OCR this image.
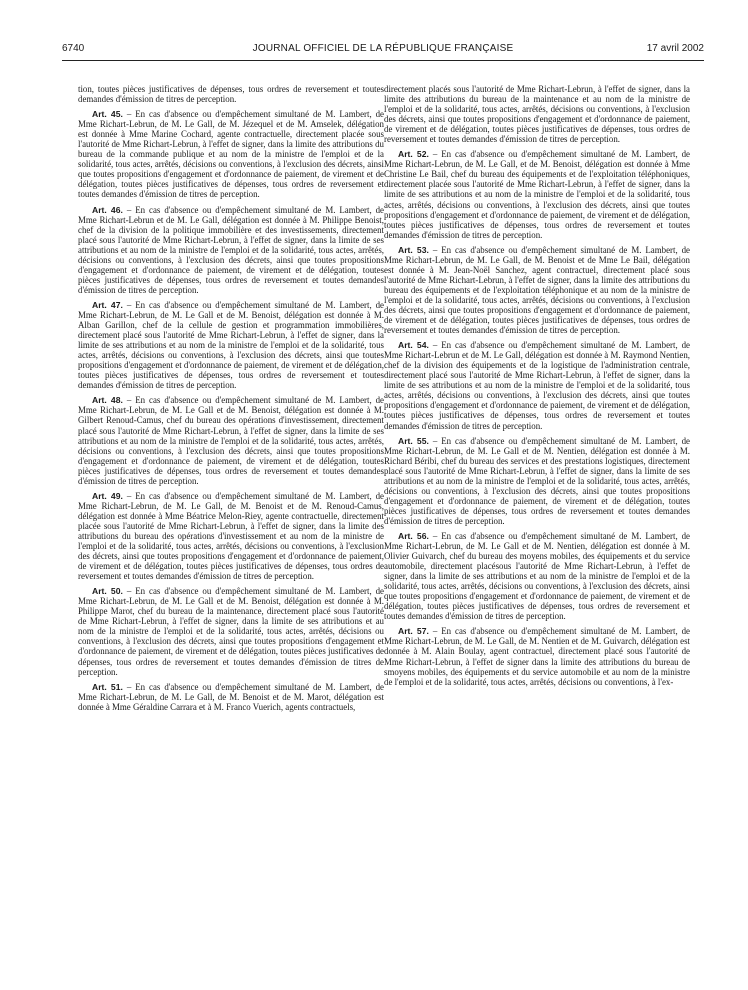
6740	JOURNAL OFFICIEL DE LA RÉPUBLIQUE FRANÇAISE	17 avril 2002

tion, toutes pièces justificatives de dépenses, tous ordres de reversement et toutes demandes d'émission de titres de perception.

Art. 45. – En cas d'absence ou d'empêchement simultané de M. Lambert, de Mme Richart-Lebrun, de M. Le Gall, de M. Jézequel et de M. Amselek, délégation est donnée à Mme Marine Cochard, agente contractuelle, directement placée sous l'autorité de Mme Richart-Lebrun, à l'effet de signer, dans la limite des attributions du bureau de la commande publique et au nom de la ministre de l'emploi et de la solidarité, tous actes, arrêtés, décisions ou conventions, à l'exclusion des décrets, ainsi que toutes propositions d'engagement et d'ordonnance de paiement, de virement et de délégation, toutes pièces justificatives de dépenses, tous ordres de reversement et toutes demandes d'émission de titres de perception.

Art. 46. – En cas d'absence ou d'empêchement simultané de M. Lambert, de Mme Richart-Lebrun et de M. Le Gall, délégation est donnée à M. Philippe Benoist, chef de la division de la politique immobilière et des investissements, directement placé sous l'autorité de Mme Richart-Lebrun, à l'effet de signer, dans la limite de ses attributions et au nom de la ministre de l'emploi et de la solidarité, tous actes, arrêtés, décisions ou conventions, à l'exclusion des décrets, ainsi que toutes propositions d'engagement et d'ordonnance de paiement, de virement et de délégation, toutes pièces justificatives de dépenses, tous ordres de reversement et toutes demandes d'émission de titres de perception.

Art. 47. – En cas d'absence ou d'empêchement simultané de M. Lambert, de Mme Richart-Lebrun, de M. Le Gall et de M. Benoist, délégation est donnée à M. Alban Garillon, chef de la cellule de gestion et programmation immobilières, directement placé sous l'autorité de Mme Richart-Lebrun, à l'effet de signer, dans la limite de ses attributions et au nom de la ministre de l'emploi et de la solidarité, tous actes, arrêtés, décisions ou conventions, à l'exclusion des décrets, ainsi que toutes propositions d'engagement et d'ordonnance de paiement, de virement et de délégation, toutes pièces justificatives de dépenses, tous ordres de reversement et toutes demandes d'émission de titres de perception.

Art. 48. – En cas d'absence ou d'empêchement simultané de M. Lambert, de Mme Richart-Lebrun, de M. Le Gall et de M. Benoist, délégation est donnée à M. Gilbert Renoud-Camus, chef du bureau des opérations d'investissement, directement placé sous l'autorité de Mme Richart-Lebrun, à l'effet de signer, dans la limite de ses attributions et au nom de la ministre de l'emploi et de la solidarité, tous actes, arrêtés, décisions ou conventions, à l'exclusion des décrets, ainsi que toutes propositions d'engagement et d'ordonnance de paiement, de virement et de délégation, toutes pièces justificatives de dépenses, tous ordres de reversement et toutes demandes d'émission de titres de perception.

Art. 49. – En cas d'absence ou d'empêchement simultané de M. Lambert, de Mme Richart-Lebrun, de M. Le Gall, de M. Benoist et de M. Renoud-Camus, délégation est donnée à Mme Béatrice Melon-Riey, agente contractuelle, directement placée sous l'autorité de Mme Richart-Lebrun, à l'effet de signer, dans la limite des attributions du bureau des opérations d'investissement et au nom de la ministre de l'emploi et de la solidarité, tous actes, arrêtés, décisions ou conventions, à l'exclusion des décrets, ainsi que toutes propositions d'engagement et d'ordonnance de paiement, de virement et de délégation, toutes pièces justificatives de dépenses, tous ordres de reversement et toutes demandes d'émission de titres de perception.

Art. 50. – En cas d'absence ou d'empêchement simultané de M. Lambert, de Mme Richart-Lebrun, de M. Le Gall et de M. Benoist, délégation est donnée à M. Philippe Marot, chef du bureau de la maintenance, directement placé sous l'autorité de Mme Richart-Lebrun, à l'effet de signer, dans la limite de ses attributions et au nom de la ministre de l'emploi et de la solidarité, tous actes, arrêtés, décisions ou conventions, à l'exclusion des décrets, ainsi que toutes propositions d'engagement et d'ordonnance de paiement, de virement et de délégation, toutes pièces justificatives de dépenses, tous ordres de reversement et toutes demandes d'émission de titres de perception.

Art. 51. – En cas d'absence ou d'empêchement simultané de M. Lambert, de Mme Richart-Lebrun, de M. Le Gall, de M. Benoist et de M. Marot, délégation est donnée à Mme Géraldine Carrara et à M. Franco Vuerich, agents contractuels,

directement placés sous l'autorité de Mme Richart-Lebrun, à l'effet de signer, dans la limite des attributions du bureau de la maintenance et au nom de la ministre de l'emploi et de la solidarité, tous actes, arrêtés, décisions ou conventions, à l'exclusion des décrets, ainsi que toutes propositions d'engagement et d'ordonnance de paiement, de virement et de délégation, toutes pièces justificatives de dépenses, tous ordres de reversement et toutes demandes d'émission de titres de perception.

Art. 52. – En cas d'absence ou d'empêchement simultané de M. Lambert, de Mme Richart-Lebrun, de M. Le Gall, et de M. Benoist, délégation est donnée à Mme Christine Le Bail, chef du bureau des équipements et de l'exploitation téléphoniques, directement placée sous l'autorité de Mme Richart-Lebrun, à l'effet de signer, dans la limite de ses attributions et au nom de la ministre de l'emploi et de la solidarité, tous actes, arrêtés, décisions ou conventions, à l'exclusion des décrets, ainsi que toutes propositions d'engagement et d'ordonnance de paiement, de virement et de délégation, toutes pièces justificatives de dépenses, tous ordres de reversement et toutes demandes d'émission de titres de perception.

Art. 53. – En cas d'absence ou d'empêchement simultané de M. Lambert, de Mme Richart-Lebrun, de M. Le Gall, de M. Benoist et de Mme Le Bail, délégation est donnée à M. Jean-Noël Sanchez, agent contractuel, directement placé sous l'autorité de Mme Richart-Lebrun, à l'effet de signer, dans la limite des attributions du bureau des équipements et de l'exploitation téléphonique et au nom de la ministre de l'emploi et de la solidarité, tous actes, arrêtés, décisions ou conventions, à l'exclusion des décrets, ainsi que toutes propositions d'engagement et d'ordonnance de paiement, de virement et de délégation, toutes pièces justificatives de dépenses, tous ordres de reversement et toutes demandes d'émission de titres de perception.

Art. 54. – En cas d'absence ou d'empêchement simultané de M. Lambert, de Mme Richart-Lebrun et de M. Le Gall, délégation est donnée à M. Raymond Nentien, chef de la division des équipements et de la logistique de l'administration centrale, directement placé sous l'autorité de Mme Richart-Lebrun, à l'effet de signer, dans la limite de ses attributions et au nom de la ministre de l'emploi et de la solidarité, tous actes, arrêtés, décisions ou conventions, à l'exclusion des décrets, ainsi que toutes propositions d'engagement et d'ordonnance de paiement, de virement et de délégation, toutes pièces justificatives de dépenses, tous ordres de reversement et toutes demandes d'émission de titres de perception.

Art. 55. – En cas d'absence ou d'empêchement simultané de M. Lambert, de Mme Richart-Lebrun, de M. Le Gall et de M. Nentien, délégation est donnée à M. Richard Béribi, chef du bureau des services et des prestations logistiques, directement placé sous l'autorité de Mme Richart-Lebrun, à l'effet de signer, dans la limite de ses attributions et au nom de la ministre de l'emploi et de la solidarité, tous actes, arrêtés, décisions ou conventions, à l'exclusion des décrets, ainsi que toutes propositions d'engagement et d'ordonnance de paiement, de virement et de délégation, toutes pièces justificatives de dépenses, tous ordres de reversement et toutes demandes d'émission de titres de perception.

Art. 56. – En cas d'absence ou d'empêchement simultané de M. Lambert, de Mme Richart-Lebrun, de M. Le Gall et de M. Nentien, délégation est donnée à M. Olivier Guivarch, chef du bureau des moyens mobiles, des équipements et du service automobile, directement placésous l'autorité de Mme Richart-Lebrun, à l'effet de signer, dans la limite de ses attributions et au nom de la ministre de l'emploi et de la solidarité, tous actes, arrêtés, décisions ou conventions, à l'exclusion des décrets, ainsi que toutes propositions d'engagement et d'ordonnance de paiement, de virement et de délégation, toutes pièces justificatives de dépenses, tous ordres de reversement et toutes demandes d'émission de titres de perception.

Art. 57. – En cas d'absence ou d'empêchement simultané de M. Lambert, de Mme Richart-Lebrun, de M. Le Gall, de M. Nentien et de M. Guivarch, délégation est donnée à M. Alain Boulay, agent contractuel, directement placé sous l'autorité de Mme Richart-Lebrun, à l'effet de signer dans la limite des attributions du bureau de smoyens mobiles, des équipements et du service automobile et au nom de la ministre de l'emploi et de la solidarité, tous actes, arrêtés, décisions ou conventions, à l'ex-
